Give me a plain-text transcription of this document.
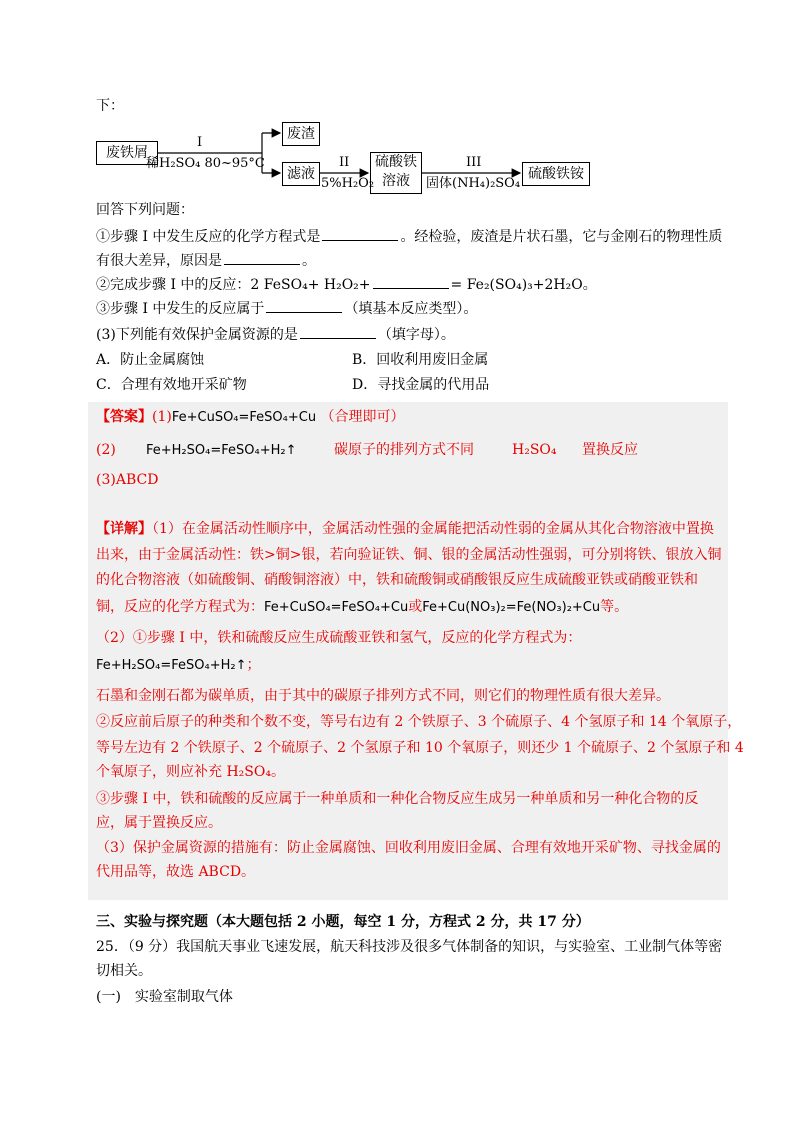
下：
废铁屑
废渣
滤液
硫酸铁
溶液	硫酸铁铵
I
稀H₂SO₄ 80~95°C	II
5%H₂O₂
III
固体(NH₄)₂SO₄
回答下列问题：
①步骤 I 中发生反应的化学方程式是	。经检验，废渣是片状石墨，它与金刚石的物理性质
有很大差异，原因是	。
②完成步骤 I 中的反应：2 FeSO₄+ H₂O₂+	= Fe₂(SO₄)₃+2H₂O。
③步骤 I 中发生的反应属于	（填基本反应类型）。
(3)下列能有效保护金属资源的是	（填字母）。
A．防止金属腐蚀	B．回收利用废旧金属
C．合理有效地开采矿物	D．寻找金属的代用品
【答案】(1)Fe+CuSO₄=FeSO₄+Cu （合理即可）
(2) Fe+H₂SO₄=FeSO₄+H₂↑	碳原子的排列方式不同	H₂SO₄ 置换反应
(3)ABCD
【详解】（1）在金属活动性顺序中，金属活动性强的金属能把活动性弱的金属从其化合物溶液中置换
出来，由于金属活动性：铁>铜>银，若向验证铁、铜、银的金属活动性强弱，可分别将铁、银放入铜
的化合物溶液（如硫酸铜、硝酸铜溶液）中，铁和硫酸铜或硝酸银反应生成硫酸亚铁或硝酸亚铁和
铜，反应的化学方程式为：Fe+CuSO₄=FeSO₄+Cu或Fe+Cu(NO₃)₂=Fe(NO₃)₂+Cu等。
（2）①步骤 I 中，铁和硫酸反应生成硫酸亚铁和氢气，反应的化学方程式为：
Fe+H₂SO₄=FeSO₄+H₂↑；
石墨和金刚石都为碳单质，由于其中的碳原子排列方式不同，则它们的物理性质有很大差异。
②反应前后原子的种类和个数不变，等号右边有 2 个铁原子、3 个硫原子、4 个氢原子和 14 个氧原子，
等号左边有 2 个铁原子、2 个硫原子、2 个氢原子和 10 个氧原子，则还少 1 个硫原子、2 个氢原子和 4
个氧原子，则应补充 H₂SO₄。
③步骤 I 中，铁和硫酸的反应属于一种单质和一种化合物反应生成另一种单质和另一种化合物的反
应，属于置换反应。
（3）保护金属资源的措施有：防止金属腐蚀、回收利用废旧金属、合理有效地开采矿物、寻找金属的
代用品等，故选 ABCD。
三、实验与探究题（本大题包括 2 小题，每空 1 分，方程式 2 分，共 17 分）
25．（9 分）我国航天事业飞速发展，航天科技涉及很多气体制备的知识，与实验室、工业制气体等密
切相关。
(一)　实验室制取气体
